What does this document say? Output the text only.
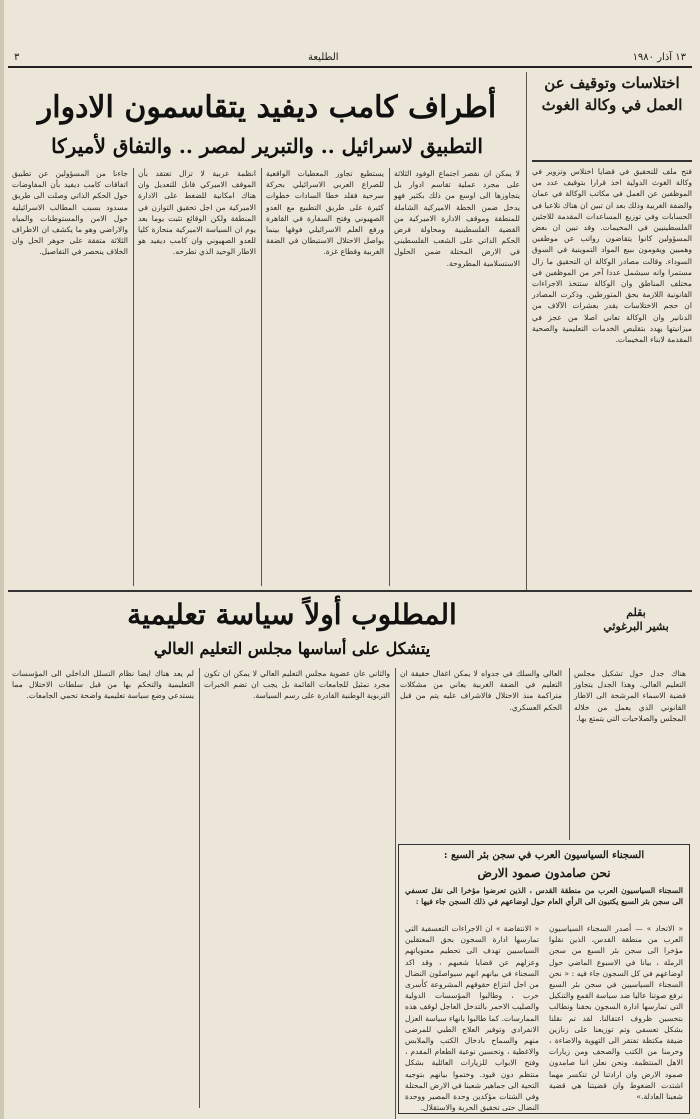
١٣ آذار ١٩٨٠
الطليعة
٣
اختلاسات وتوقيف عن العمل في وكالة الغوث
فتح ملف للتحقيق في قضايا اختلاس وتزوير في وكالة الغوث الدولية اخذ قرارا بتوقيف عدد من الموظفين عن العمل في مكاتب الوكالة في عمان والضفة الغربية وذلك بعد ان تبين ان هناك تلاعبا في الحسابات وفي توزيع المساعدات المقدمة للاجئين الفلسطينيين في المخيمات. وقد تبين ان بعض المسؤولين كانوا يتقاضون رواتب عن موظفين وهميين ويقومون ببيع المواد التموينية في السوق السوداء. وقالت مصادر الوكالة ان التحقيق ما زال مستمرا وانه سيشمل عددا آخر من الموظفين في مختلف المناطق وان الوكالة ستتخذ الاجراءات القانونية اللازمة بحق المتورطين. وذكرت المصادر ان حجم الاختلاسات يقدر بعشرات الآلاف من الدنانير وان الوكالة تعاني اصلا من عجز في ميزانيتها يهدد بتقليص الخدمات التعليمية والصحية المقدمة لابناء المخيمات.
أطراف كامب ديفيد يتقاسمون الادوار
التطبيق لاسرائيل .. والتبرير لمصر .. والتفاق لأميركا
لا يمكن ان نقصر اجتماع الوفود الثلاثة على مجرد عملية تقاسم ادوار بل يتجاوزها الى اوسع من ذلك بكثير فهو يدخل ضمن الخطة الاميركية الشاملة للمنطقة وموقف الادارة الاميركية من القضية الفلسطينية ومحاولة فرض الحكم الذاتي على الشعب الفلسطيني في الارض المحتلة ضمن الحلول الاستسلامية المطروحة.
يستطيع تجاوز المعطيات الواقعية للصراع العربي الاسرائيلي بحركة سرحية فقلد خطا السادات خطوات كثيرة على طريق التطبيع مع العدو الصهيوني وفتح السفارة في القاهرة ورفع العلم الاسرائيلي فوقها بينما يواصل الاحتلال الاستيطان في الضفة الغربية وقطاع غزة.
انظمة عربية لا تزال تعتقد بأن الموقف الاميركي قابل للتعديل وان هناك امكانية للضغط على الادارة الاميركية من اجل تحقيق التوازن في المنطقة ولكن الوقائع تثبت يوما بعد يوم ان السياسة الاميركية منحازة كليا للعدو الصهيوني وان كامب ديفيد هو الاطار الوحيد الذي تطرحه.
جاءنا من المسؤولين عن تطبيق اتفاقات كامب ديفيد بأن المفاوضات حول الحكم الذاتي وصلت الى طريق مسدود بسبب المطالب الاسرائيلية حول الامن والمستوطنات والمياه والاراضي وهو ما يكشف ان الاطراف الثلاثة متفقة على جوهر الحل وان الخلاف ينحصر في التفاصيل.
المطلوب أولاً سياسة تعليمية
يتشكل على أساسها مجلس التعليم العالي
بقلم
بشير البرغوثي
هناك جدل حول تشكيل مجلس التعليم العالي. وهذا الجدل يتجاوز قضية الاسماء المرشحة الى الاطار القانوني الذي يعمل من خلاله المجلس والصلاحيات التي يتمتع بها.
العالي والسلك في جدواه لا يمكن اغفال حقيقة ان التعليم في الضفة الغربية يعاني من مشكلات متراكمة منذ الاحتلال فالاشراف عليه يتم من قبل الحكم العسكري.
والثاني عان عضوية مجلس التعليم العالي لا يمكن ان تكون مجرد تمثيل للجامعات القائمة بل يجب ان تضم الخبرات التربوية الوطنية القادرة على رسم السياسة.
لم يعد هناك ايضا نظام التسلل الداخلي الى المؤسسات التعليمية والتحكم بها من قبل سلطات الاحتلال مما يستدعي وضع سياسة تعليمية واضحة تحمي الجامعات.
السجناء السياسيون العرب في سجن بئر السبع :
نحن صامدون صمود الارض
السجناء السياسيون العرب من منطقة القدس ، الذين تعرضوا مؤخرا الى نقل تعسفي الى سجن بئر السبع يكتبون الى الرأي العام حول اوضاعهم في ذلك السجن جاء فيها :
« الاتحاد » — أصدر السجناء السياسيون العرب من منطقة القدس، الذين نقلوا مؤخرا الى سجن بئر السبع من سجن الرملة ، بيانا في الاسبوع الماضي حول اوضاعهم في كل السجون جاء فيه : « نحن السجناء السياسيين في سجن بئر السبع نرفع صوتنا عاليا ضد سياسة القمع والتنكيل التي تمارسها ادارة السجون بحقنا ونطالب بتحسين ظروف اعتقالنا. لقد تم نقلنا بشكل تعسفي وتم توزيعنا على زنازين ضيقة مكتظة تفتقر الى التهوية والاضاءة ، وحرمنا من الكتب والصحف ومن زيارات الاهل المنتظمة. ونحن نعلن اننا صامدون صمود الارض وان ارادتنا لن تنكسر مهما اشتدت الضغوط وان قضيتنا هي قضية شعبنا العادلة.»
« الانتفاضة » ان الاجراءات التعسفية التي تمارسها ادارة السجون بحق المعتقلين السياسيين تهدف الى تحطيم معنوياتهم وعزلهم عن قضايا شعبهم ، وقد اكد السجناء في بيانهم انهم سيواصلون النضال من اجل انتزاع حقوقهم المشروعة كأسرى حرب ، وطالبوا المؤسسات الدولية والصليب الاحمر بالتدخل العاجل لوقف هذه الممارسات. كما طالبوا بانهاء سياسة العزل الانفرادي وتوفير العلاج الطبي للمرضى منهم والسماح بادخال الكتب والملابس والاغطية ، وتحسين نوعية الطعام المقدم ، وفتح الابواب للزيارات العائلية بشكل منتظم دون قيود. وختموا بيانهم بتوجيه التحية الى جماهير شعبنا في الارض المحتلة وفي الشتات مؤكدين وحدة المصير ووحدة النضال حتى تحقيق الحرية والاستقلال.
